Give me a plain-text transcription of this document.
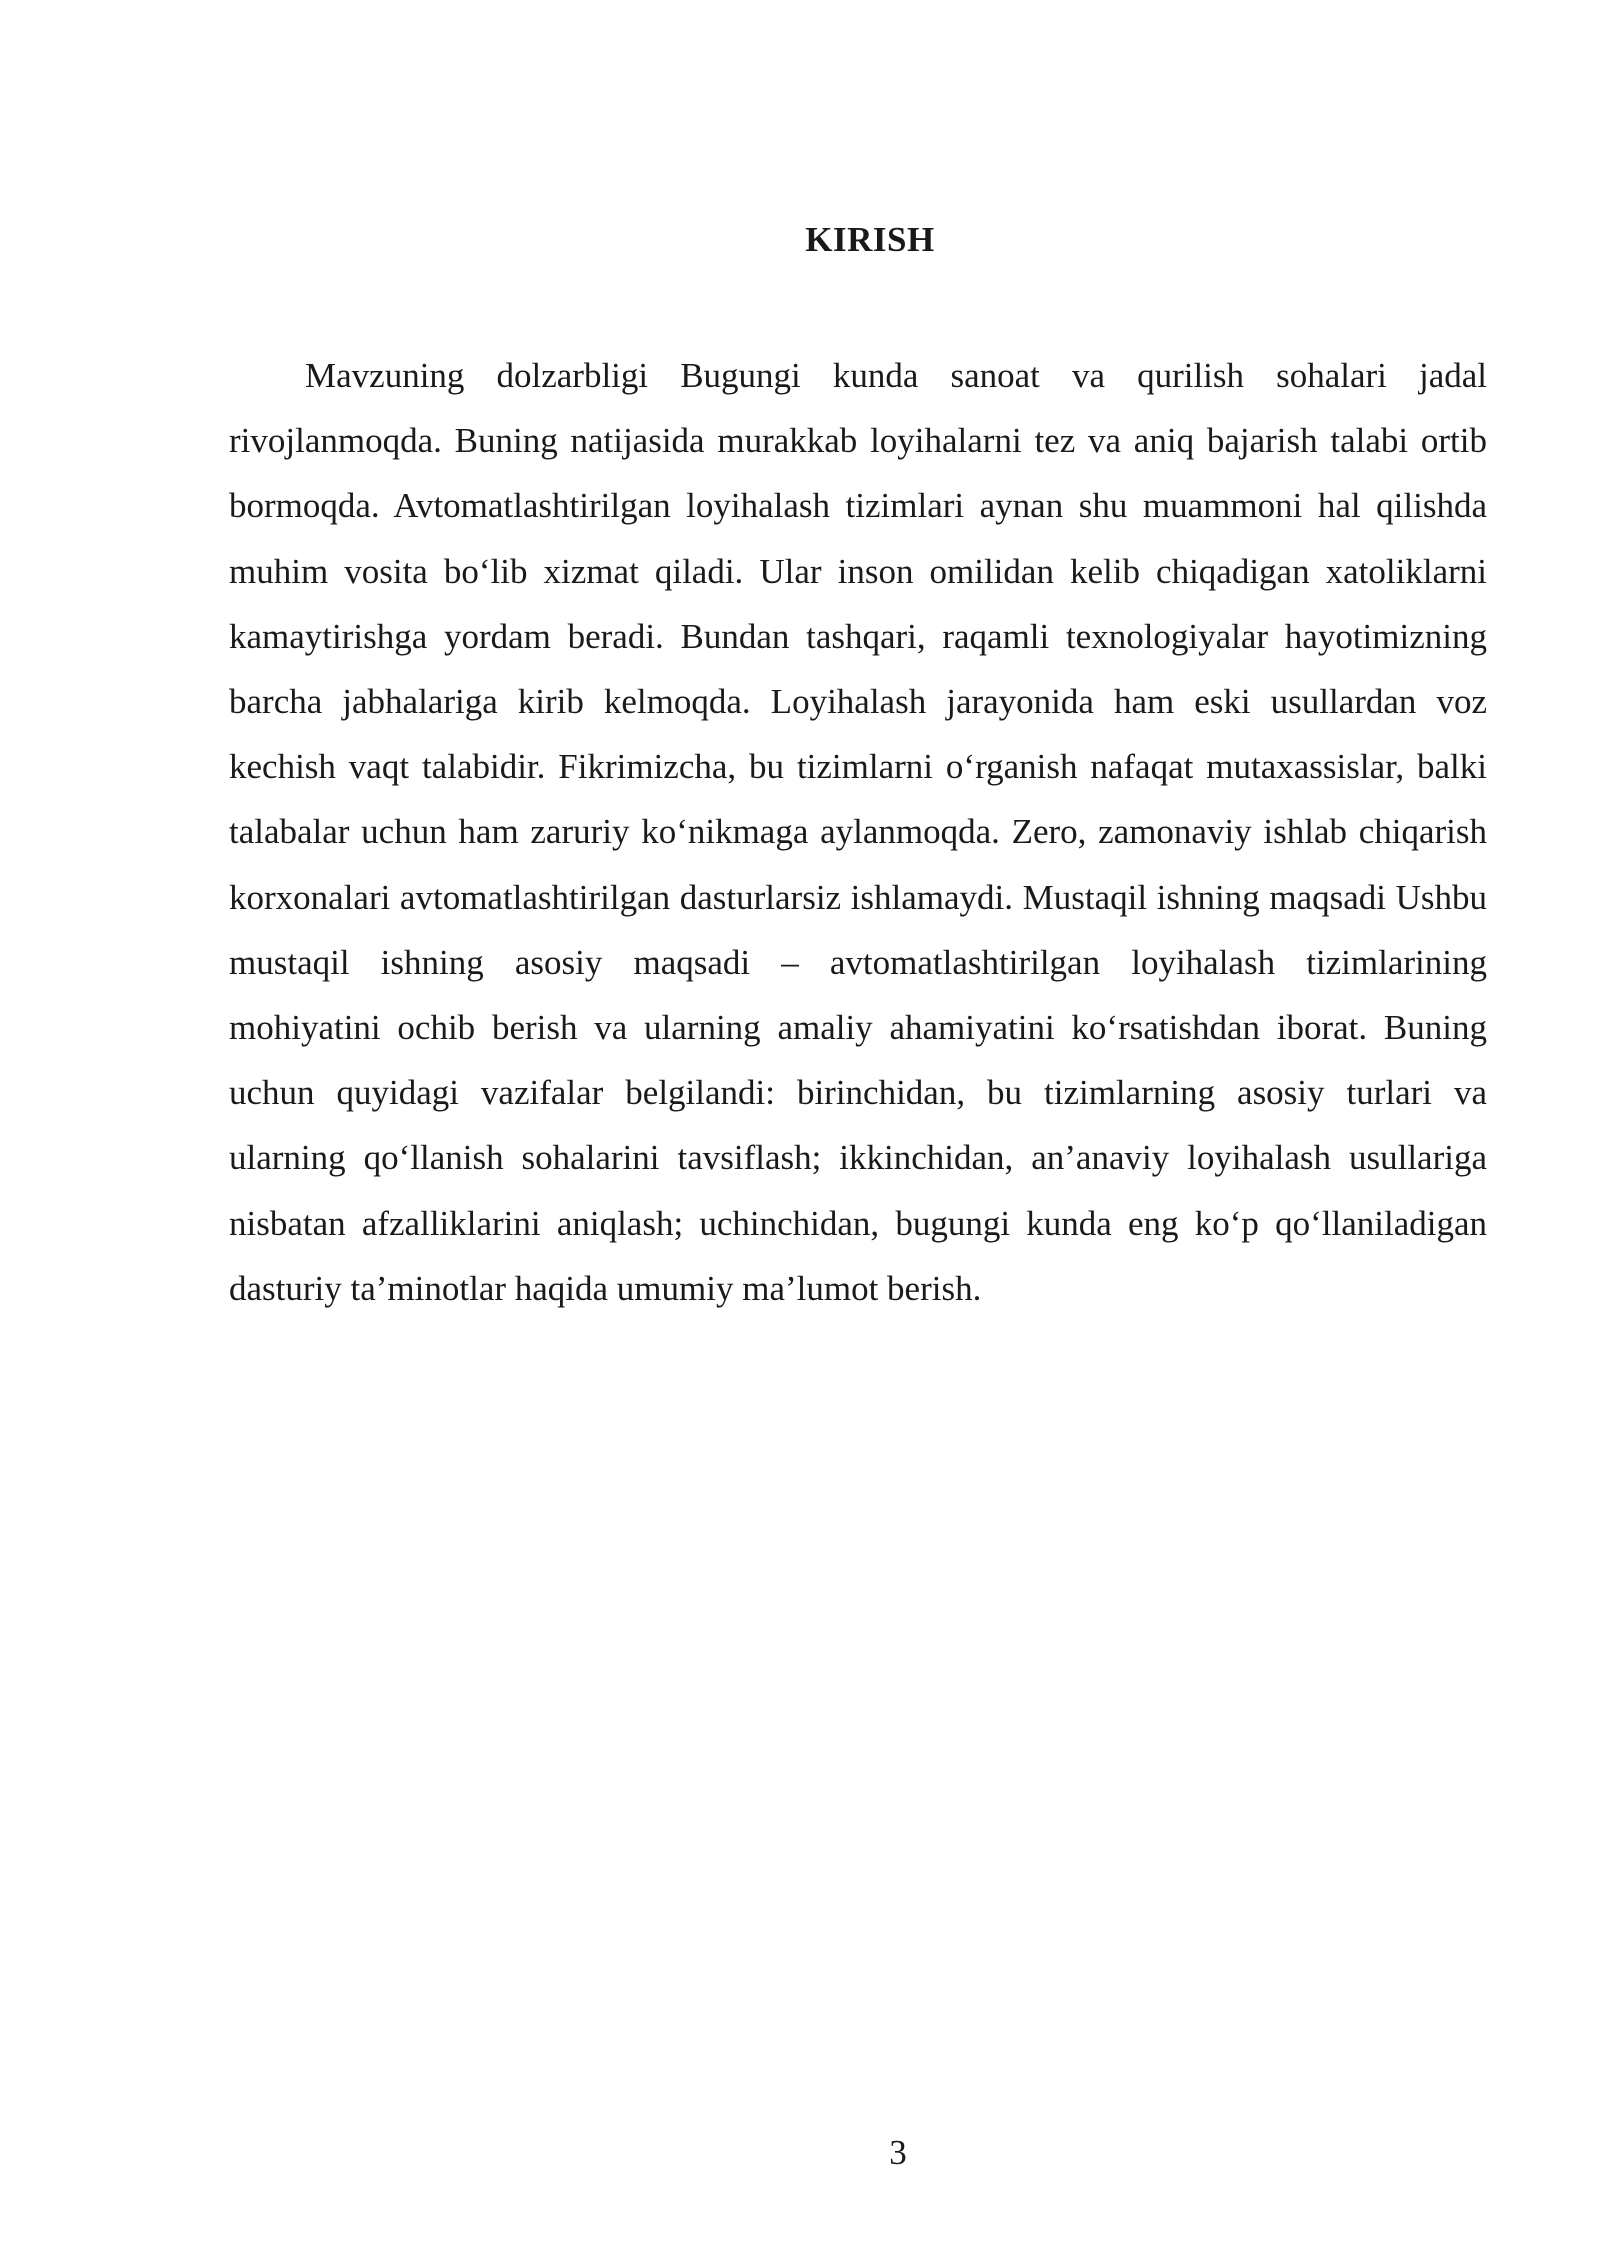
KIRISH

Mavzuning dolzarbligi Bugungi kunda sanoat va qurilish sohalari jadal rivojlanmoqda. Buning natijasida murakkab loyihalarni tez va aniq bajarish talabi ortib bormoqda. Avtomatlashtirilgan loyihalash tizimlari aynan shu muammoni hal qilishda muhim vosita bo‘lib xizmat qiladi. Ular inson omilidan kelib chiqadigan xatoliklarni kamaytirishga yordam beradi. Bundan tashqari, raqamli texnologiyalar hayotimizning barcha jabhalariga kirib kelmoqda. Loyihalash jarayonida ham eski usullardan voz kechish vaqt talabidir. Fikrimizcha, bu tizimlarni o‘rganish nafaqat mutaxassislar, balki talabalar uchun ham zaruriy ko‘nikmaga aylanmoqda. Zero, zamonaviy ishlab chiqarish korxonalari avtomatlashtirilgan dasturlarsiz ishlamaydi. Mustaqil ishning maqsadi Ushbu mustaqil ishning asosiy maqsadi – avtomatlashtirilgan loyihalash tizimlarining mohiyatini ochib berish va ularning amaliy ahamiyatini ko‘rsatishdan iborat. Buning uchun quyidagi vazifalar belgilandi: birinchidan, bu tizimlarning asosiy turlari va ularning qo‘llanish sohalarini tavsiflash; ikkinchidan, an’anaviy loyihalash usullariga nisbatan afzalliklarini aniqlash; uchinchidan, bugungi kunda eng ko‘p qo‘llaniladigan dasturiy ta’minotlar haqida umumiy ma’lumot berish.

3
